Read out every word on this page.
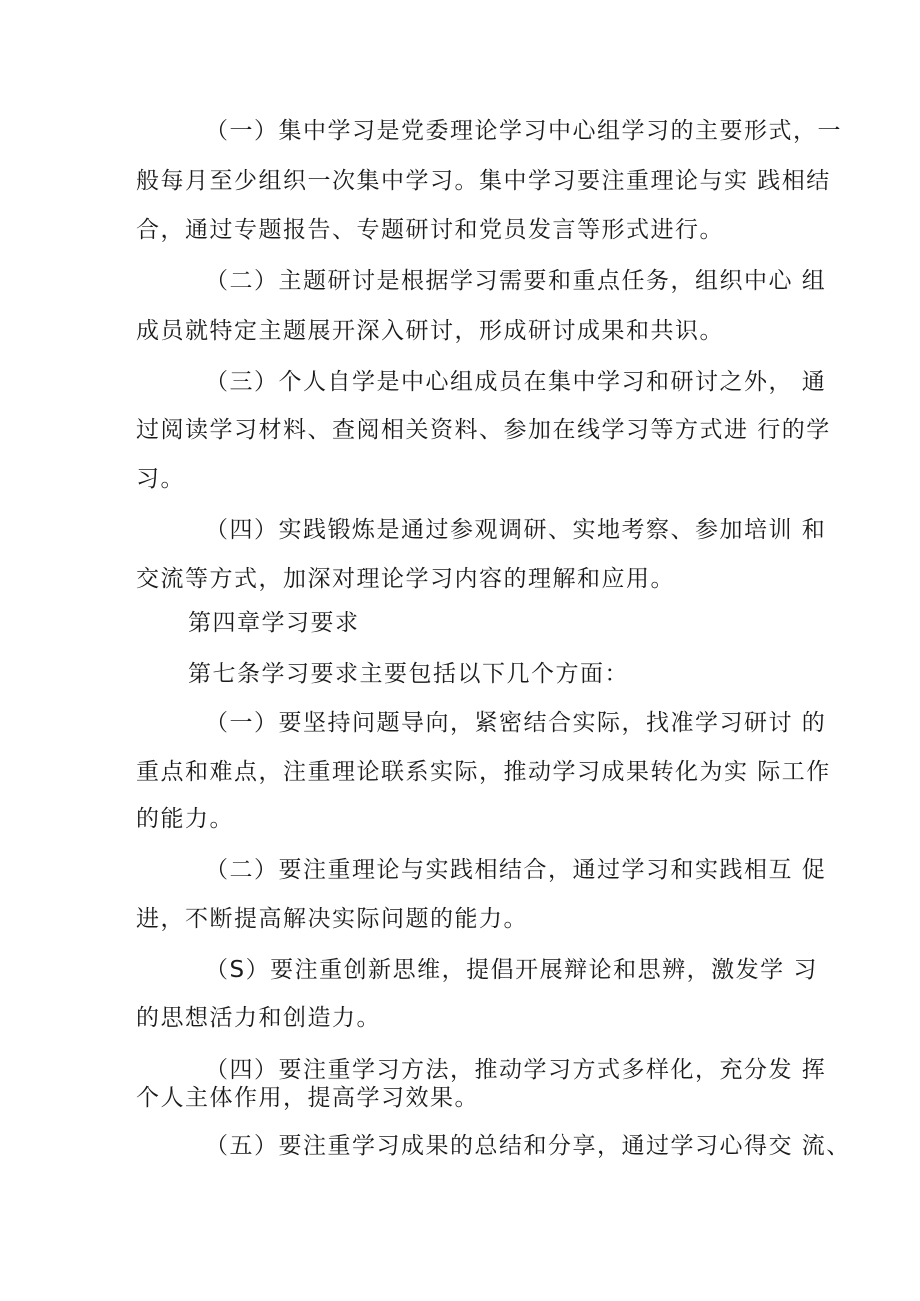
（一）集中学习是党委理论学习中心组学习的主要形式，一
般每月至少组织一次集中学习。集中学习要注重理论与实 践相结
合，通过专题报告、专题研讨和党员发言等形式进行。
（二）主题研讨是根据学习需要和重点任务，组织中心 组
成员就特定主题展开深入研讨，形成研讨成果和共识。
（三）个人自学是中心组成员在集中学习和研讨之外， 通
过阅读学习材料、查阅相关资料、参加在线学习等方式进 行的学
习。
（四）实践锻炼是通过参观调研、实地考察、参加培训 和
交流等方式，加深对理论学习内容的理解和应用。
第四章学习要求
第七条学习要求主要包括以下几个方面：
（一）要坚持问题导向，紧密结合实际，找准学习研讨 的
重点和难点，注重理论联系实际，推动学习成果转化为实 际工作
的能力。
（二）要注重理论与实践相结合，通过学习和实践相互 促
进，不断提高解决实际问题的能力。
（S）要注重创新思维，提倡开展辩论和思辨，激发学 习
的思想活力和创造力。
（四）要注重学习方法，推动学习方式多样化，充分发 挥
个人主体作用，提高学习效果。
（五）要注重学习成果的总结和分享，通过学习心得交 流、
